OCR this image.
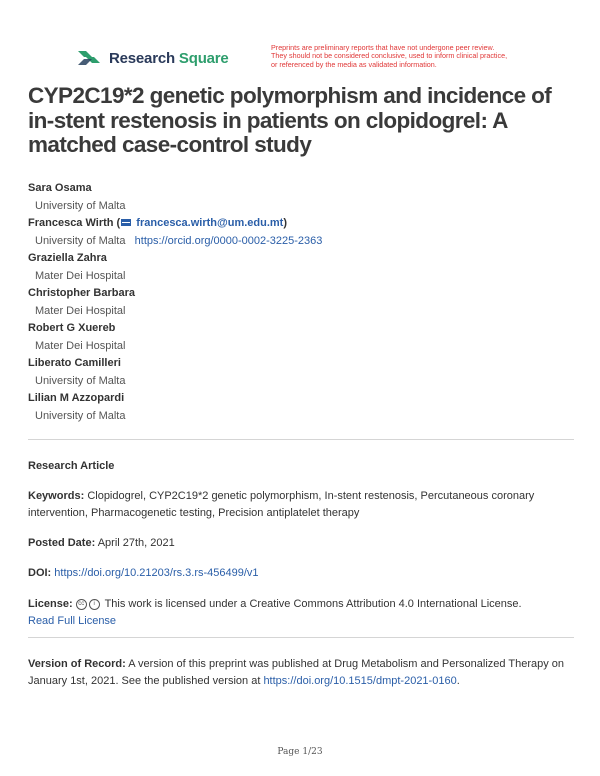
Research Square
Preprints are preliminary reports that have not undergone peer review.
They should not be considered conclusive, used to inform clinical practice,
or referenced by the media as validated information.
CYP2C19*2 genetic polymorphism and incidence of in-stent restenosis in patients on clopidogrel: A matched case-control study
Sara Osama
University of Malta
Francesca Wirth ( francesca.wirth@um.edu.mt)
University of Malta https://orcid.org/0000-0002-3225-2363
Graziella Zahra
Mater Dei Hospital
Christopher Barbara
Mater Dei Hospital
Robert G Xuereb
Mater Dei Hospital
Liberato Camilleri
University of Malta
Lilian M Azzopardi
University of Malta
Research Article
Keywords: Clopidogrel, CYP2C19*2 genetic polymorphism, In-stent restenosis, Percutaneous coronary intervention, Pharmacogenetic testing, Precision antiplatelet therapy
Posted Date: April 27th, 2021
DOI: https://doi.org/10.21203/rs.3.rs-456499/v1
License: cc i This work is licensed under a Creative Commons Attribution 4.0 International License.
Read Full License
Version of Record: A version of this preprint was published at Drug Metabolism and Personalized Therapy on January 1st, 2021. See the published version at https://doi.org/10.1515/dmpt-2021-0160.
Page 1/23
